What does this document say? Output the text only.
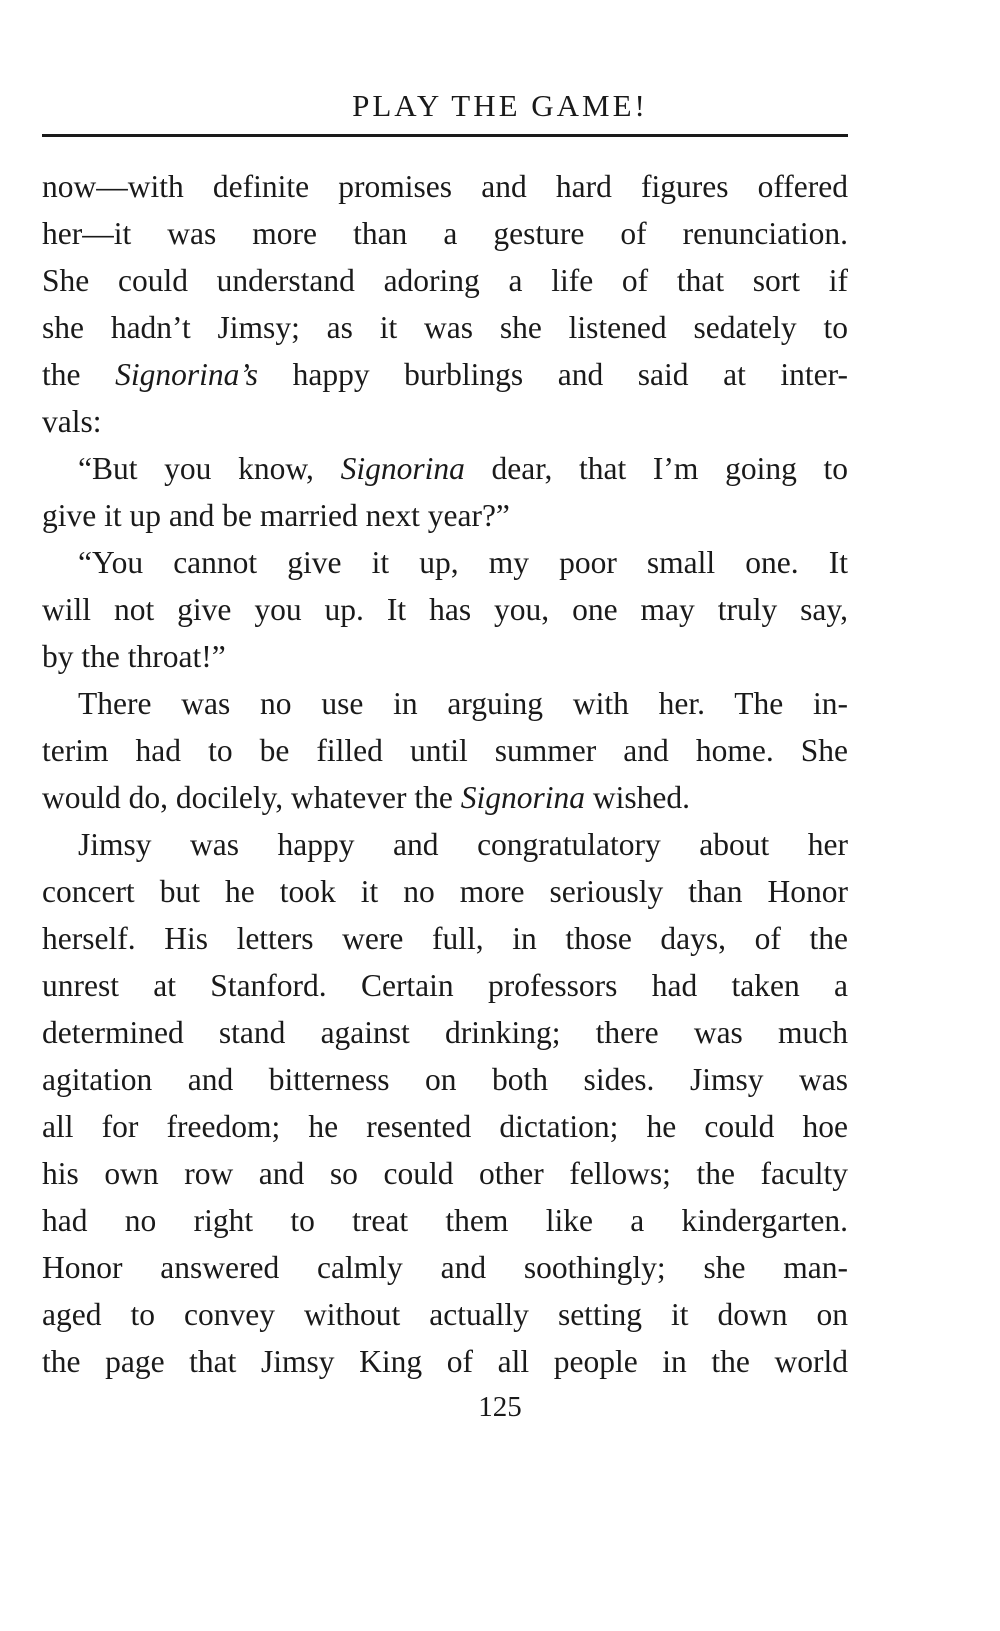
PLAY THE GAME!
now—with definite promises and hard figures offered
her—it was more than a gesture of renunciation.
She could understand adoring a life of that sort if
she hadn’t Jimsy; as it was she listened sedately to
the Signorina’s happy burblings and said at inter-
vals:
“But you know, Signorina dear, that I’m going to
give it up and be married next year?”
“You cannot give it up, my poor small one. It
will not give you up. It has you, one may truly say,
by the throat!”
There was no use in arguing with her. The in-
terim had to be filled until summer and home. She
would do, docilely, whatever the Signorina wished.
Jimsy was happy and congratulatory about her
concert but he took it no more seriously than Honor
herself. His letters were full, in those days, of the
unrest at Stanford. Certain professors had taken a
determined stand against drinking; there was much
agitation and bitterness on both sides. Jimsy was
all for freedom; he resented dictation; he could hoe
his own row and so could other fellows; the faculty
had no right to treat them like a kindergarten.
Honor answered calmly and soothingly; she man-
aged to convey without actually setting it down on
the page that Jimsy King of all people in the world
125
